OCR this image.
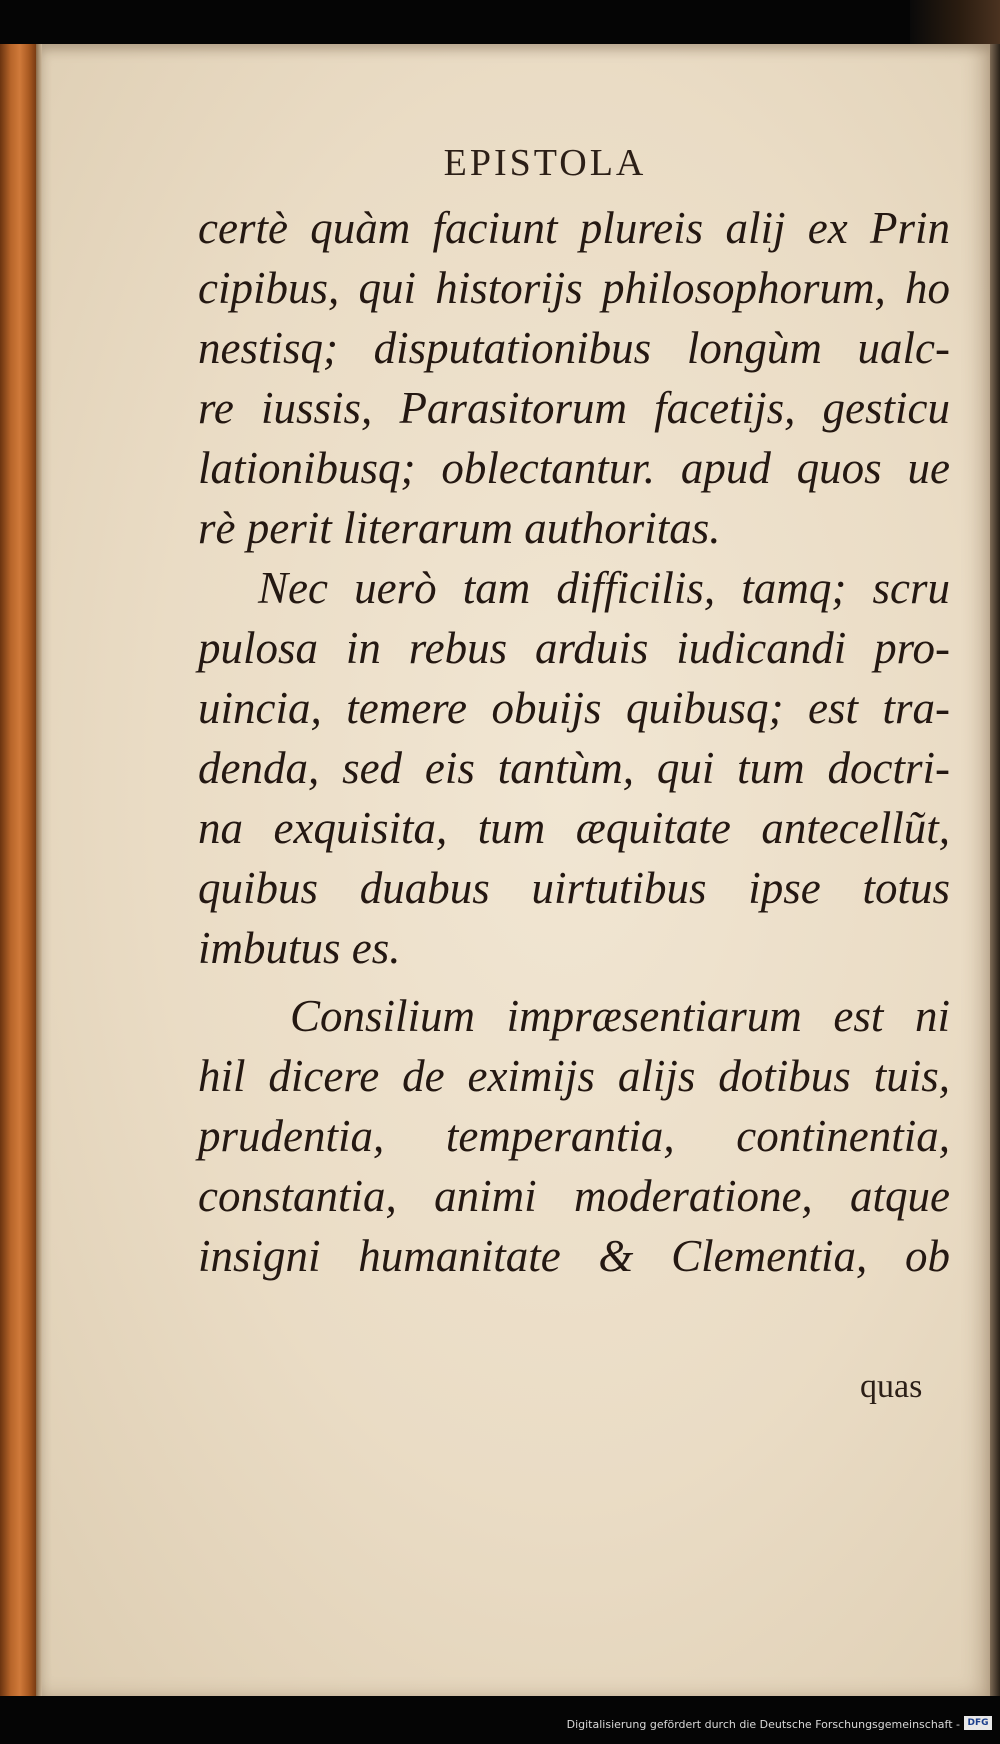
EPISTOLA
certè quàm faciunt plureis alij ex Prin
cipibus, qui historijs philosophorum, ho
nestisq; disputationibus longùm ualc-
re iussis, Parasitorum facetijs, gesticu
lationibusq; oblectantur. apud quos ue
rè perit literarum authoritas.
Nec uerò tam difficilis, tamq; scru
pulosa in rebus arduis iudicandi pro-
uincia, temere obuijs quibusq; est tra-
denda, sed eis tantùm, qui tum doctri-
na exquisita, tum æquitate antecellũt,
quibus duabus uirtutibus ipse totus
imbutus es.
Consilium impræsentiarum est ni
hil dicere de eximijs alijs dotibus tuis,
prudentia, temperantia, continentia,
constantia, animi moderatione, atque
insigni humanitate & Clementia, ob
quas
Digitalisierung gefördert durch die Deutsche Forschungsgemeinschaft - DFG
